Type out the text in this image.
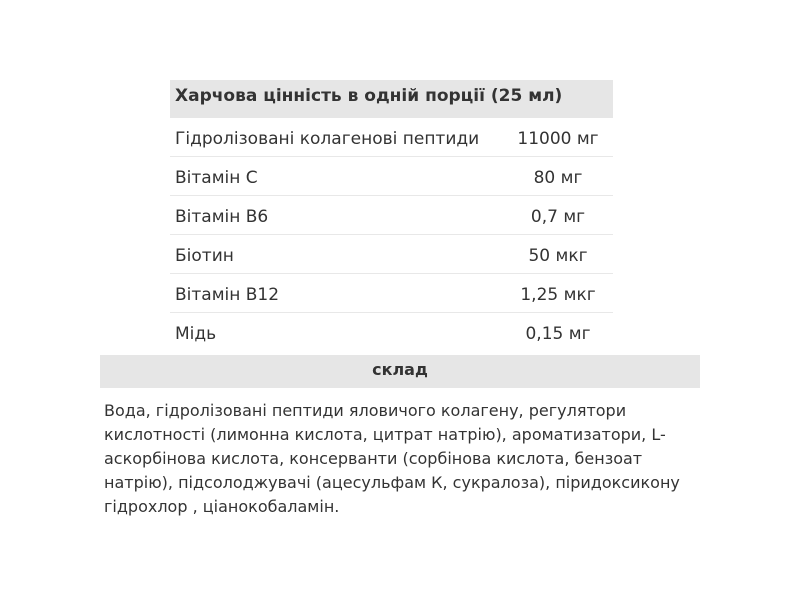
Харчова цінність в одній порції (25 мл)
Гідролізовані колагенові пептиди	11000 мг
Вітамін С	80 мг
Вітамін В6	0,7 мг
Біотин	50 мкг
Вітамін В12	1,25 мкг
Мідь	0,15 мг
склад

Вода, гідролізовані пептиди яловичого колагену, регулятори кислотності (лимонна кислота, цитрат натрію), ароматизатори, L-аскорбінова кислота, консерванти (сорбінова кислота, бензоат натрію), підсолоджувачі (ацесульфам К, сукралоза), піридоксикону гідрохлор , ціанокобаламін.
